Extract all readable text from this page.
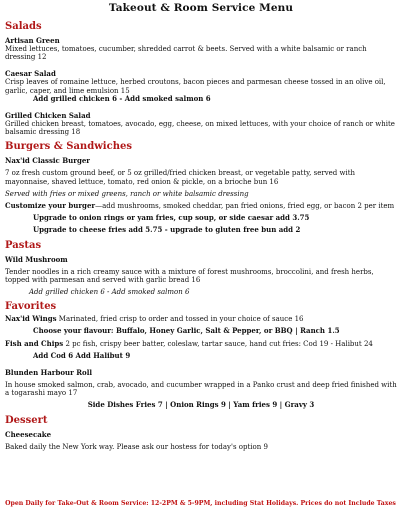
Takeout & Room Service Menu
Salads
Artisan Green

Mixed lettuces, tomatoes, cucumber, shredded carrot & beets. Served with a white balsamic or ranch dressing 12

Caesar Salad

Crisp leaves of romaine lettuce, herbed croutons, bacon pieces and parmesan cheese tossed in an olive oil, garlic, caper, and lime emulsion 15

Add grilled chicken 6 - Add smoked salmon 6

Grilled Chicken Salad

Grilled chicken breast, tomatoes, avocado, egg, cheese, on mixed lettuces, with your choice of ranch or white balsamic dressing 18

Burgers & Sandwiches
Nax'id Classic Burger

7 oz fresh custom ground beef, or 5 oz grilled/fried chicken breast, or vegetable patty, served with mayonnaise, shaved lettuce, tomato, red onion & pickle, on a brioche bun 16

Served with fries or mixed greens, ranch or white balsamic dressing

Customize your burger—add mushrooms, smoked cheddar, pan fried onions, fried egg, or bacon 2 per item

Upgrade to onion rings or yam fries, cup soup, or side caesar add 3.75

Upgrade to cheese fries add 5.75 - upgrade to gluten free bun add 2

Pastas
Wild Mushroom

Tender noodles in a rich creamy sauce with a mixture of forest mushrooms, broccolini, and fresh herbs, topped with parmesan and served with garlic bread 16

Add grilled chicken 6 - Add smoked salmon 6

Favorites

Nax'id Wings Marinated, fried crisp to order and tossed in your choice of sauce 16

Choose your flavour: Buffalo, Honey Garlic, Salt & Pepper, or BBQ | Ranch 1.5

Fish and Chips 2 pc fish, crispy beer batter, coleslaw, tartar sauce, hand cut fries: Cod 19 - Halibut 24

Add Cod 6 Add Halibut 9

Blunden Harbour Roll

In house smoked salmon, crab, avocado, and cucumber wrapped in a Panko crust and deep fried finished with a togarashi mayo 17

Side Dishes Fries 7 | Onion Rings 9 | Yam fries 9 | Gravy 3

Dessert
Cheesecake

Baked daily the New York way. Please ask our hostess for today's option 9

Open Daily for Take-Out & Room Service: 12-2PM & 5-9PM, including Stat Holidays. Prices do not Include Taxes
